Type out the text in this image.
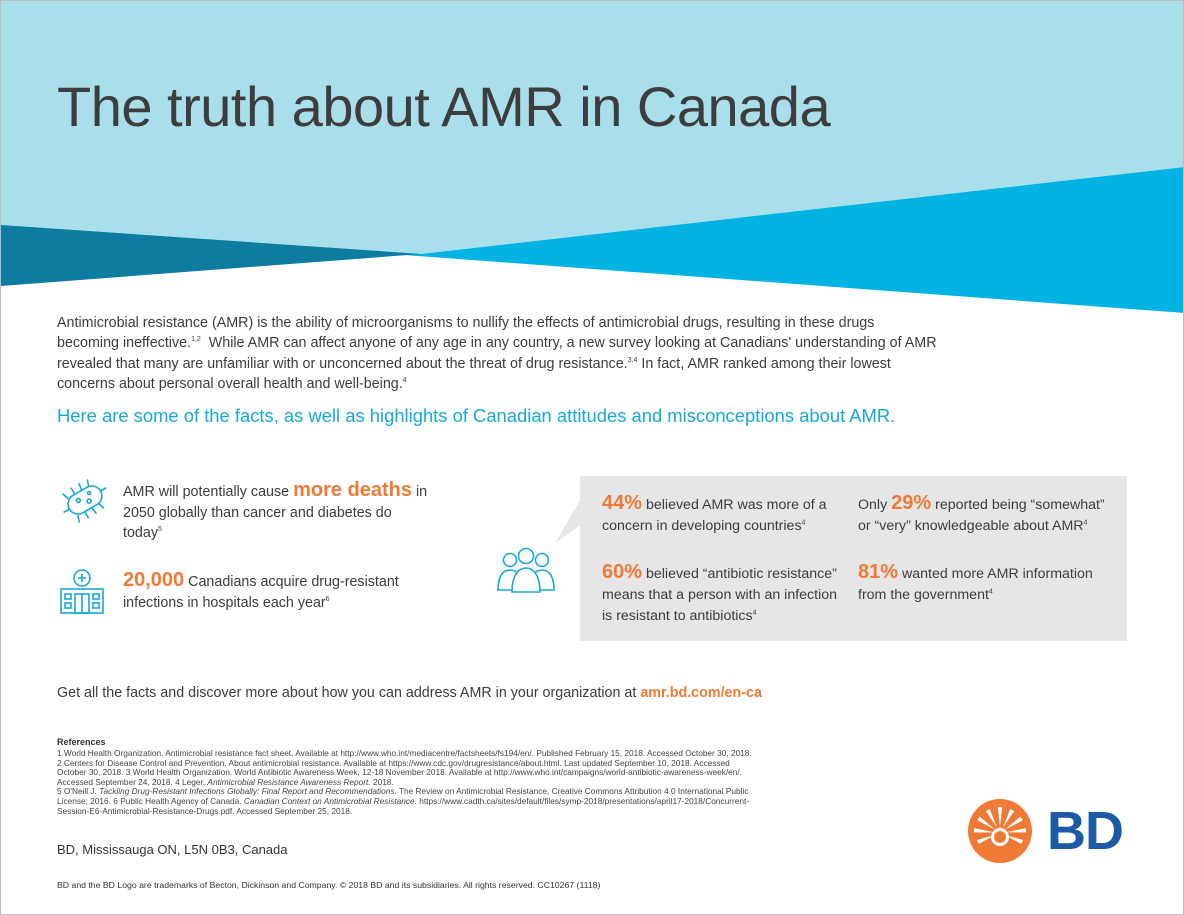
The truth about AMR in Canada

Antimicrobial resistance (AMR) is the ability of microorganisms to nullify the effects of antimicrobial drugs, resulting in these drugs becoming ineffective.$^{1,2}$ While AMR can affect anyone of any age in any country, a new survey looking at Canadians' understanding of AMR revealed that many are unfamiliar with or unconcerned about the threat of drug resistance.$^{3,4}$ In fact, AMR ranked among their lowest concerns about personal overall health and well-being.$^4$

Here are some of the facts, as well as highlights of Canadian attitudes and misconceptions about AMR.

AMR will potentially cause more deaths in 2050 globally than cancer and diabetes do today$^5$
20,000 Canadians acquire drug-resistant infections in hospitals each year$^6$
44% believed AMR was more of a concern in developing countries$^4$
Only 29% reported being “somewhat” or “very” knowledgeable about AMR$^4$
60% believed “antibiotic resistance” means that a person with an infection is resistant to antibiotics$^4$
81% wanted more AMR information from the government$^4$
Get all the facts and discover more about how you can address AMR in your organization at amr.bd.com/en-ca
References
1 World Health Organization. Antimicrobial resistance fact sheet. Available at http://www.who.int/mediacentre/factsheets/fs194/en/. Published February 15, 2018. Accessed October 30, 2018. 2 Centers for Disease Control and Prevention. About antimicrobial resistance. Available at https://www.cdc.gov/drugresistance/about.html. Last updated September 10, 2018. Accessed October 30, 2018. 3 World Health Organization. World Antibiotic Awareness Week, 12-18 November 2018. Available at http://www.who.int/campaigns/world-antibiotic-awareness-week/en/. Accessed September 24, 2018. 4 Leger. Antimicrobial Resistance Awareness Report. 2018.
5 O'Neill J. Tackling Drug-Resistant Infections Globally: Final Report and Recommendations. The Review on Antimicrobial Resistance, Creative Commons Attribution 4.0 International Public License; 2016. 6 Public Health Agency of Canada. Canadian Context on Antimicrobial Resistance. https://www.cadth.ca/sites/default/files/symp-2018/presentations/april17-2018/Concurrent-Session-E6-Antimicrobial-Resistance-Drugs.pdf. Accessed September 25, 2018.
BD, Mississauga ON, L5N 0B3, Canada
BD and the BD Logo are trademarks of Becton, Dickinson and Company. © 2018 BD and its subsidiaries. All rights reserved. CC10267 (1118)
BD
